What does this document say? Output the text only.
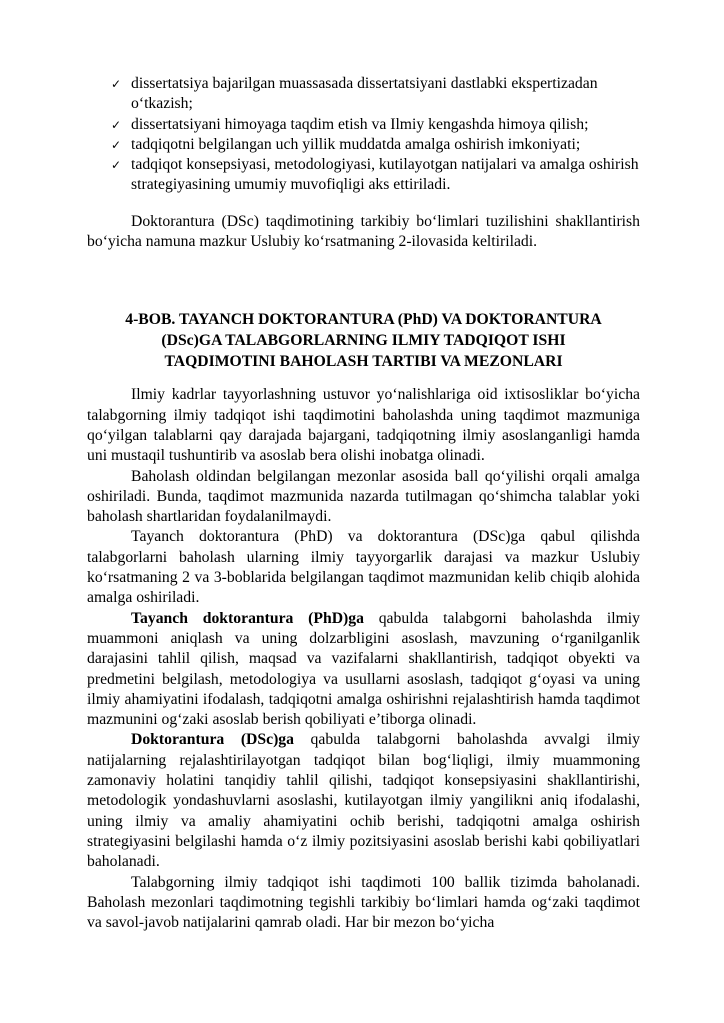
✓ dissertatsiya bajarilgan muassasada dissertatsiyani dastlabki ekspertizadan o‘tkazish;
✓ dissertatsiyani himoyaga taqdim etish va Ilmiy kengashda himoya qilish;
✓ tadqiqotni belgilangan uch yillik muddatda amalga oshirish imkoniyati;
✓ tadqiqot konsepsiyasi, metodologiyasi, kutilayotgan natijalari va amalga oshirish strategiyasining umumiy muvofiqligi aks ettiriladi.

Doktorantura (DSc) taqdimotining tarkibiy bo‘limlari tuzilishini shakllantirish bo‘yicha namuna mazkur Uslubiy ko‘rsatmaning 2-ilovasida keltiriladi.

4-BOB. TAYANCH DOKTORANTURA (PhD) VA DOKTORANTURA
(DSc)GA TALABGORLARNING ILMIY TADQIQOT ISHI
TAQDIMOTINI BAHOLASH TARTIBI VA MEZONLARI

Ilmiy kadrlar tayyorlashning ustuvor yo‘nalishlariga oid ixtisosliklar bo‘yicha talabgorning ilmiy tadqiqot ishi taqdimotini baholashda uning taqdimot mazmuniga qo‘yilgan talablarni qay darajada bajargani, tadqiqotning ilmiy asoslanganligi hamda uni mustaqil tushuntirib va asoslab bera olishi inobatga olinadi.

Baholash oldindan belgilangan mezonlar asosida ball qo‘yilishi orqali amalga oshiriladi. Bunda, taqdimot mazmunida nazarda tutilmagan qo‘shimcha talablar yoki baholash shartlaridan foydalanilmaydi.

Tayanch doktorantura (PhD) va doktorantura (DSc)ga qabul qilishda talabgorlarni baholash ularning ilmiy tayyorgarlik darajasi va mazkur Uslubiy ko‘rsatmaning 2 va 3-boblarida belgilangan taqdimot mazmunidan kelib chiqib alohida amalga oshiriladi.

Tayanch doktorantura (PhD)ga qabulda talabgorni baholashda ilmiy muammoni aniqlash va uning dolzarbligini asoslash, mavzuning o‘rganilganlik darajasini tahlil qilish, maqsad va vazifalarni shakllantirish, tadqiqot obyekti va predmetini belgilash, metodologiya va usullarni asoslash, tadqiqot g‘oyasi va uning ilmiy ahamiyatini ifodalash, tadqiqotni amalga oshirishni rejalashtirish hamda taqdimot mazmunini og‘zaki asoslab berish qobiliyati e’tiborga olinadi.

Doktorantura (DSc)ga qabulda talabgorni baholashda avvalgi ilmiy natijalarning rejalashtirilayotgan tadqiqot bilan bog‘liqligi, ilmiy muammoning zamonaviy holatini tanqidiy tahlil qilishi, tadqiqot konsepsiyasini shakllantirishi, metodologik yondashuvlarni asoslashi, kutilayotgan ilmiy yangilikni aniq ifodalashi, uning ilmiy va amaliy ahamiyatini ochib berishi, tadqiqotni amalga oshirish strategiyasini belgilashi hamda o‘z ilmiy pozitsiyasini asoslab berishi kabi qobiliyatlari baholanadi.

Talabgorning ilmiy tadqiqot ishi taqdimoti 100 ballik tizimda baholanadi. Baholash mezonlari taqdimotning tegishli tarkibiy bo‘limlari hamda og‘zaki taqdimot va savol-javob natijalarini qamrab oladi. Har bir mezon bo‘yicha
